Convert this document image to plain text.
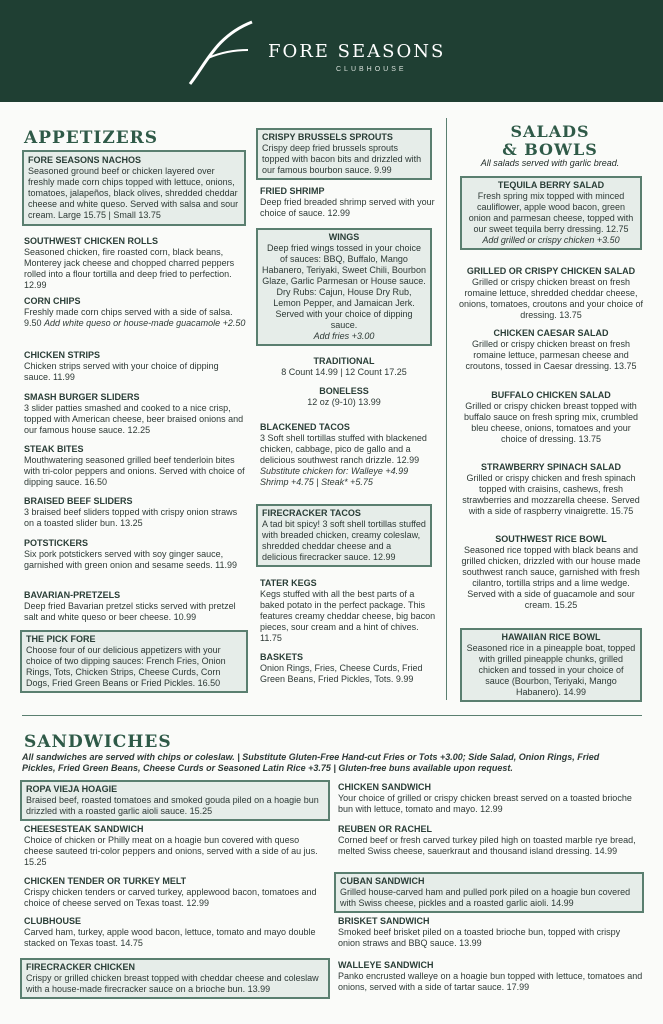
FORE SEASONS
CLUBHOUSE
APPETIZERS
FORE SEASONS NACHOS
Seasoned ground beef or chicken layered over freshly made corn chips topped with lettuce, onions, tomatoes, jalapeños, black olives, shredded cheddar cheese and white queso. Served with salsa and sour cream. Large 15.75 | Small 13.75
SOUTHWEST CHICKEN ROLLS
Seasoned chicken, fire roasted corn, black beans, Monterey jack cheese and chopped charred peppers rolled into a flour tortilla and deep fried to perfection. 12.99
CORN CHIPS
Freshly made corn chips served with a side of salsa. 9.50 Add white queso or house-made guacamole +2.50
CHICKEN STRIPS
Chicken strips served with your choice of dipping sauce. 11.99
SMASH BURGER SLIDERS
3 slider patties smashed and cooked to a nice crisp, topped with American cheese, beer braised onions and our famous house sauce. 12.25
STEAK BITES
Mouthwatering seasoned grilled beef tenderloin bites with tri-color peppers and onions. Served with choice of dipping sauce. 16.50
BRAISED BEEF SLIDERS
3 braised beef sliders topped with crispy onion straws on a toasted slider bun. 13.25
POTSTICKERS
Six pork potstickers served with soy ginger sauce, garnished with green onion and sesame seeds. 11.99
BAVARIAN-PRETZELS
Deep fried Bavarian pretzel sticks served with pretzel salt and white queso or beer cheese. 10.99
THE PICK FORE
Choose four of our delicious appetizers with your choice of two dipping sauces: French Fries, Onion Rings, Tots, Chicken Strips, Cheese Curds, Corn Dogs, Fried Green Beans or Fried Pickles. 16.50
CRISPY BRUSSELS SPROUTS
Crispy deep fried brussels sprouts topped with bacon bits and drizzled with our famous bourbon sauce. 9.99
FRIED SHRIMP
Deep fried breaded shrimp served with your choice of sauce. 12.99
WINGS
Deep fried wings tossed in your choice of sauces: BBQ, Buffalo, Mango Habanero, Teriyaki, Sweet Chili, Bourbon Glaze, Garlic Parmesan or House sauce. Dry Rubs: Cajun, House Dry Rub, Lemon Pepper, and Jamaican Jerk. Served with your choice of dipping sauce.
Add fries +3.00
TRADITIONAL
8 Count 14.99 | 12 Count 17.25
BONELESS
12 oz (9-10) 13.99
BLACKENED TACOS
3 Soft shell tortillas stuffed with blackened chicken, cabbage, pico de gallo and a delicious southwest ranch drizzle. 12.99
Substitute chicken for: Walleye +4.99 Shrimp +4.75 | Steak* +5.75
FIRECRACKER TACOS
A tad bit spicy! 3 soft shell tortillas stuffed with breaded chicken, creamy coleslaw, shredded cheddar cheese and a delicious firecracker sauce. 12.99
TATER KEGS
Kegs stuffed with all the best parts of a baked potato in the perfect package. This features creamy cheddar cheese, big bacon pieces, sour cream and a hint of chives. 11.75
BASKETS
Onion Rings, Fries, Cheese Curds, Fried Green Beans, Fried Pickles, Tots. 9.99
SALADS
& BOWLS
All salads served with garlic bread.
TEQUILA BERRY SALAD
Fresh spring mix topped with minced cauliflower, apple wood bacon, green onion and parmesan cheese, topped with our sweet tequila berry dressing. 12.75
Add grilled or crispy chicken +3.50
GRILLED OR CRISPY CHICKEN SALAD
Grilled or crispy chicken breast on fresh romaine lettuce, shredded cheddar cheese, onions, tomatoes, croutons and your choice of dressing. 13.75
CHICKEN CAESAR SALAD
Grilled or crispy chicken breast on fresh romaine lettuce, parmesan cheese and croutons, tossed in Caesar dressing. 13.75
BUFFALO CHICKEN SALAD
Grilled or crispy chicken breast topped with buffalo sauce on fresh spring mix, crumbled bleu cheese, onions, tomatoes and your choice of dressing. 13.75
STRAWBERRY SPINACH SALAD
Grilled or crispy chicken and fresh spinach topped with craisins, cashews, fresh strawberries and mozzarella cheese. Served with a side of raspberry vinaigrette. 15.75
SOUTHWEST RICE BOWL
Seasoned rice topped with black beans and grilled chicken, drizzled with our house made southwest ranch sauce, garnished with fresh cilantro, tortilla strips and a lime wedge. Served with a side of guacamole and sour cream. 15.25
HAWAIIAN RICE BOWL
Seasoned rice in a pineapple boat, topped with grilled pineapple chunks, grilled chicken and tossed in your choice of sauce (Bourbon, Teriyaki, Mango Habanero). 14.99
SANDWICHES
All sandwiches are served with chips or coleslaw. | Substitute Gluten-Free Hand-cut Fries or Tots +3.00; Side Salad, Onion Rings, Fried Pickles, Fried Green Beans, Cheese Curds or Seasoned Latin Rice +3.75 | Gluten-free buns available upon request.
ROPA VIEJA HOAGIE
Braised beef, roasted tomatoes and smoked gouda piled on a hoagie bun drizzled with a roasted garlic aioli sauce. 15.25
CHEESESTEAK SANDWICH
Choice of chicken or Philly meat on a hoagie bun covered with queso cheese sauteed tri-color peppers and onions, served with a side of au jus. 15.25
CHICKEN TENDER OR TURKEY MELT
Crispy chicken tenders or carved turkey, applewood bacon, tomatoes and choice of cheese served on Texas toast. 12.99
CLUBHOUSE
Carved ham, turkey, apple wood bacon, lettuce, tomato and mayo double stacked on Texas toast. 14.75
FIRECRACKER CHICKEN
Crispy or grilled chicken breast topped with cheddar cheese and coleslaw with a house-made firecracker sauce on a brioche bun. 13.99
CHICKEN SANDWICH
Your choice of grilled or crispy chicken breast served on a toasted brioche bun with lettuce, tomato and mayo. 12.99
REUBEN OR RACHEL
Corned beef or fresh carved turkey piled high on toasted marble rye bread, melted Swiss cheese, sauerkraut and thousand island dressing. 14.99
CUBAN SANDWICH
Grilled house-carved ham and pulled pork piled on a hoagie bun covered with Swiss cheese, pickles and a roasted garlic aioli. 14.99
BRISKET SANDWICH
Smoked beef brisket piled on a toasted brioche bun, topped with crispy onion straws and BBQ sauce. 13.99
WALLEYE SANDWICH
Panko encrusted walleye on a hoagie bun topped with lettuce, tomatoes and onions, served with a side of tartar sauce. 17.99
